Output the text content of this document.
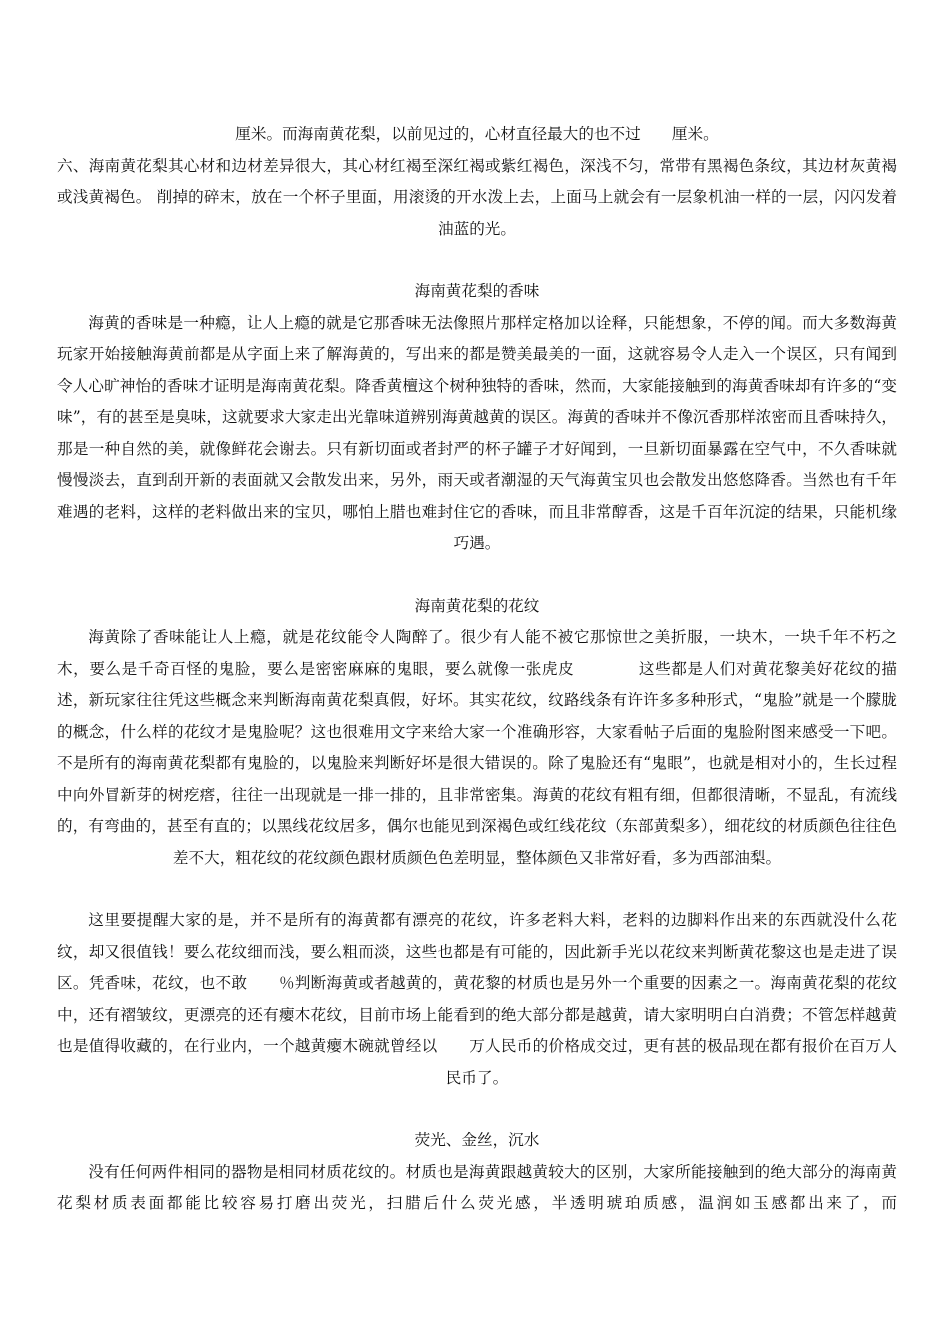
厘米。而海南黄花梨，以前见过的，心材直径最大的也不过　　厘米。

六、海南黄花梨其心材和边材差异很大，其心材红褐至深红褐或紫红褐色，深浅不匀，常带有黑褐色条纹，其边材灰黄褐或浅黄褐色。 削掉的碎末，放在一个杯子里面，用滚烫的开水泼上去，上面马上就会有一层象机油一样的一层，闪闪发着油蓝的光。

海南黄花梨的香味

海黄的香味是一种瘾，让人上瘾的就是它那香味无法像照片那样定格加以诠释，只能想象，不停的闻。而大多数海黄玩家开始接触海黄前都是从字面上来了解海黄的，写出来的都是赞美最美的一面，这就容易令人走入一个误区，只有闻到令人心旷神怡的香味才证明是海南黄花梨。降香黄檀这个树种独特的香味，然而，大家能接触到的海黄香味却有许多的“变味”，有的甚至是臭味，这就要求大家走出光靠味道辨别海黄越黄的误区。海黄的香味并不像沉香那样浓密而且香味持久，那是一种自然的美，就像鲜花会谢去。只有新切面或者封严的杯子罐子才好闻到，一旦新切面暴露在空气中，不久香味就慢慢淡去，直到刮开新的表面就又会散发出来，另外，雨天或者潮湿的天气海黄宝贝也会散发出悠悠降香。当然也有千年难遇的老料，这样的老料做出来的宝贝，哪怕上腊也难封住它的香味，而且非常醇香，这是千百年沉淀的结果，只能机缘巧遇。

海南黄花梨的花纹

海黄除了香味能让人上瘾，就是花纹能令人陶醉了。很少有人能不被它那惊世之美折服，一块木，一块千年不朽之木，要么是千奇百怪的鬼脸，要么是密密麻麻的鬼眼，要么就像一张虎皮　　　　这些都是人们对黄花黎美好花纹的描述，新玩家往往凭这些概念来判断海南黄花梨真假，好坏。其实花纹，纹路线条有许许多多种形式，“鬼脸”就是一个朦胧的概念，什么样的花纹才是鬼脸呢？这也很难用文字来给大家一个准确形容，大家看帖子后面的鬼脸附图来感受一下吧。不是所有的海南黄花梨都有鬼脸的，以鬼脸来判断好坏是很大错误的。除了鬼脸还有“鬼眼”，也就是相对小的，生长过程中向外冒新芽的树疙瘩，往往一出现就是一排一排的，且非常密集。海黄的花纹有粗有细，但都很清晰，不显乱，有流线的，有弯曲的，甚至有直的；以黑线花纹居多，偶尔也能见到深褐色或红线花纹（东部黄梨多），细花纹的材质颜色往往色差不大，粗花纹的花纹颜色跟材质颜色色差明显，整体颜色又非常好看，多为西部油梨。

这里要提醒大家的是，并不是所有的海黄都有漂亮的花纹，许多老料大料，老料的边脚料作出来的东西就没什么花纹，却又很值钱！要么花纹细而浅，要么粗而淡，这些也都是有可能的，因此新手光以花纹来判断黄花黎这也是走进了误区。凭香味，花纹，也不敢　　％判断海黄或者越黄的，黄花黎的材质也是另外一个重要的因素之一。海南黄花梨的花纹中，还有褶皱纹，更漂亮的还有瘿木花纹，目前市场上能看到的绝大部分都是越黄，请大家明明白白消费；不管怎样越黄也是值得收藏的，在行业内，一个越黄瘿木碗就曾经以　　万人民币的价格成交过，更有甚的极品现在都有报价在百万人民币了。

荧光、金丝，沉水

没有任何两件相同的器物是相同材质花纹的。材质也是海黄跟越黄较大的区别，大家所能接触到的绝大部分的海南黄花梨材质表面都能比较容易打磨出荧光，扫腊后什么荧光感，半透明琥珀质感，温润如玉感都出来了，而
